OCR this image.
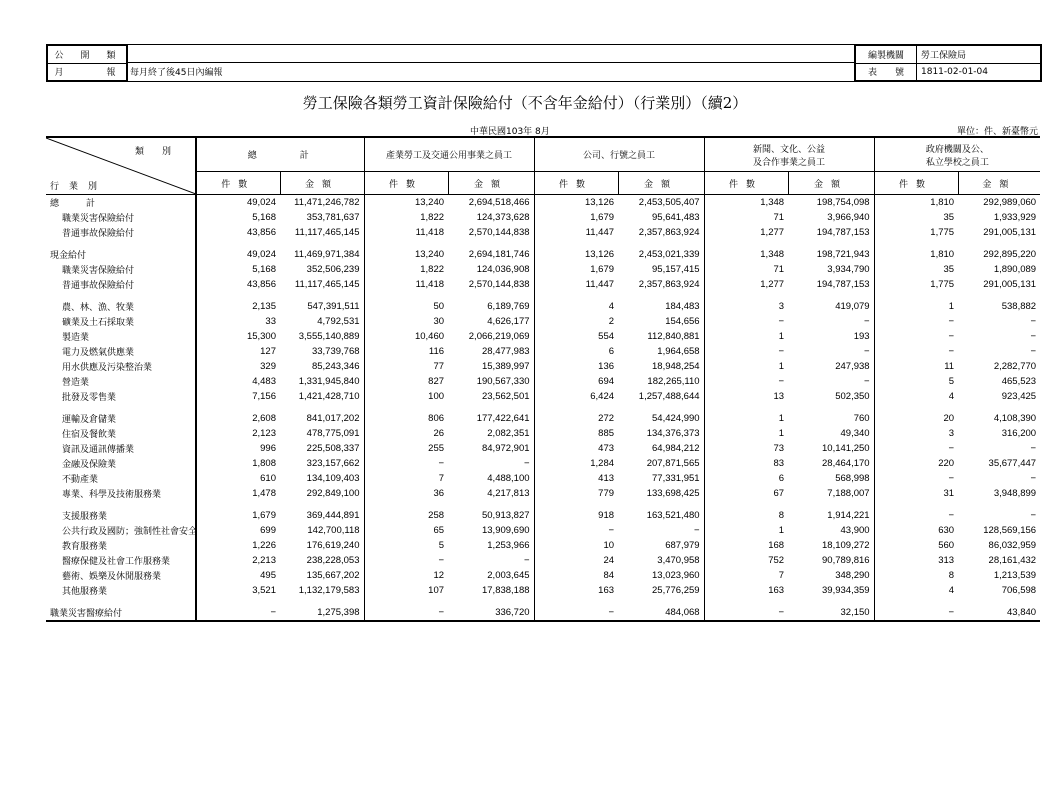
每月終了後45日內編報
公　開　類
月　　　報
編製機關	勞工保險局
表　　號	1811-02-01-04
勞工保險各類勞工資計保險給付（不含年金給付）（行業別）（續2）
中華民國103年 8月	單位：件、新臺幣元
類別
行業別	總　　　計		產業勞工及交通公用事業之員工		公司、行號之員工		新聞、文化、公益
及合作事業之員工		政府機關及公、
私立學校之員工	
	件數	金額	件數	金額	件數	金額	件數	金額	件數	金額
總　　　計	49,024	11,471,246,782	13,240	2,694,518,466	13,126	2,453,505,407	1,348	198,754,098	1,810	292,989,060
職業災害保險給付	5,168	353,781,637	1,822	124,373,628	1,679	95,641,483	71	3,966,940	35	1,933,929
普通事故保險給付	43,856	11,117,465,145	11,418	2,570,144,838	11,447	2,357,863,924	1,277	194,787,153	1,775	291,005,131
現金給付	49,024	11,469,971,384	13,240	2,694,181,746	13,126	2,453,021,339	1,348	198,721,943	1,810	292,895,220
職業災害保險給付	5,168	352,506,239	1,822	124,036,908	1,679	95,157,415	71	3,934,790	35	1,890,089
普通事故保險給付	43,856	11,117,465,145	11,418	2,570,144,838	11,447	2,357,863,924	1,277	194,787,153	1,775	291,005,131
農、林、漁、牧業	2,135	547,391,511	50	6,189,769	4	184,483	3	419,079	1	538,882
礦業及土石採取業	33	4,792,531	30	4,626,177	2	154,656	−	−	−	−
製造業	15,300	3,555,140,889	10,460	2,066,219,069	554	112,840,881	1	193	−	−
電力及燃氣供應業	127	33,739,768	116	28,477,983	6	1,964,658	−	−	−	−
用水供應及污染整治業	329	85,243,346	77	15,389,997	136	18,948,254	1	247,938	11	2,282,770
營造業	4,483	1,331,945,840	827	190,567,330	694	182,265,110	−	−	5	465,523
批發及零售業	7,156	1,421,428,710	100	23,562,501	6,424	1,257,488,644	13	502,350	4	923,425
運輸及倉儲業	2,608	841,017,202	806	177,422,641	272	54,424,990	1	760	20	4,108,390
住宿及餐飲業	2,123	478,775,091	26	2,082,351	885	134,376,373	1	49,340	3	316,200
資訊及通訊傳播業	996	225,508,337	255	84,972,901	473	64,984,212	73	10,141,250	−	−
金融及保險業	1,808	323,157,662	−	−	1,284	207,871,565	83	28,464,170	220	35,677,447
不動產業	610	134,109,403	7	4,488,100	413	77,331,951	6	568,998	−	−
專業、科學及技術服務業	1,478	292,849,100	36	4,217,813	779	133,698,425	67	7,188,007	31	3,948,899
支援服務業	1,679	369,444,891	258	50,913,827	918	163,521,480	8	1,914,221	−	−
公共行政及國防；強制性社會安全	699	142,700,118	65	13,909,690	−	−	1	43,900	630	128,569,156
教育服務業	1,226	176,619,240	5	1,253,966	10	687,979	168	18,109,272	560	86,032,959
醫療保健及社會工作服務業	2,213	238,228,053	−	−	24	3,470,958	752	90,789,816	313	28,161,432
藝術、娛樂及休閒服務業	495	135,667,202	12	2,003,645	84	13,023,960	7	348,290	8	1,213,539
其他服務業	3,521	1,132,179,583	107	17,838,188	163	25,776,259	163	39,934,359	4	706,598
職業災害醫療給付	−	1,275,398	−	336,720	−	484,068	−	32,150	−	43,840
